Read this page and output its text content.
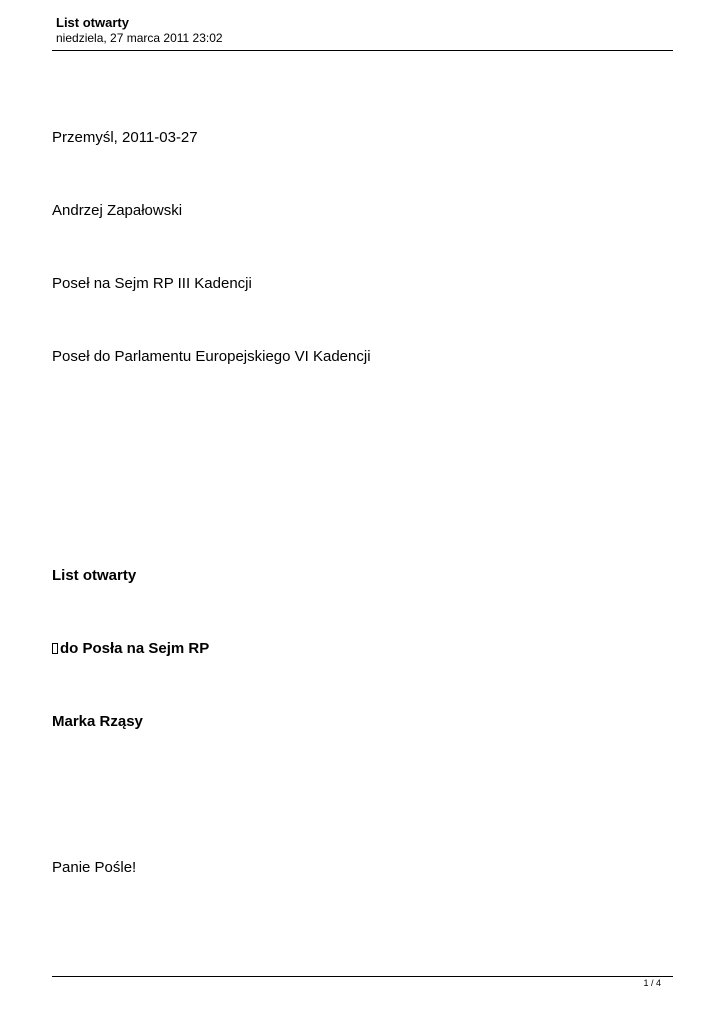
List otwarty
niedziela, 27 marca 2011 23:02
Przemyśl, 2011-03-27
Andrzej Zapałowski
Poseł na Sejm RP III Kadencji
Poseł do Parlamentu Europejskiego VI Kadencji
List otwarty
do Posła na Sejm RP
Marka Rząsy
Panie Pośle!
1 / 4
